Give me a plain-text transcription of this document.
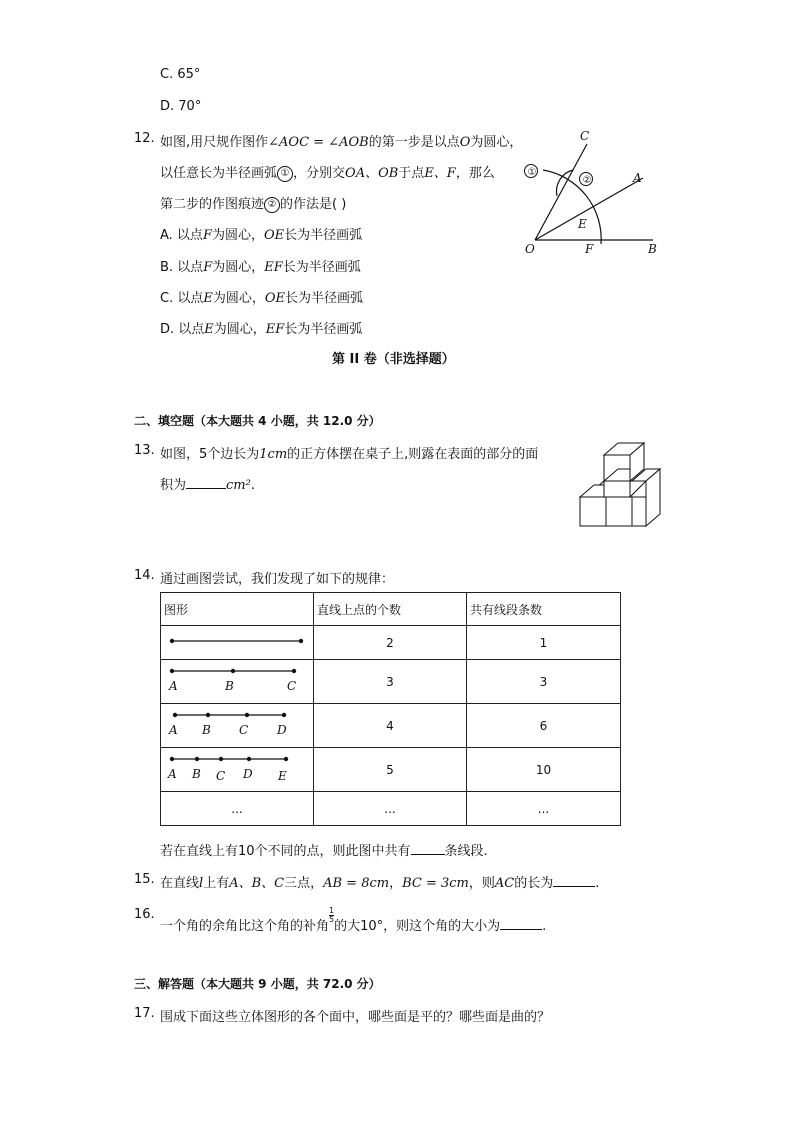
C. 65°
D. 70°
12. 如图,用尺规作图作∠AOC = ∠AOB的第一步是以点O为圆心，
以任意长为半径画弧 ① ，分别交OA、OB于点E、F，那么
第二步的作图痕迹 ② 的作法是( )
A. 以点F为圆心，OE长为半径画弧
B. 以点F为圆心，EF长为半径画弧
C. 以点E为圆心，OE长为半径画弧
D. 以点E为圆心，EF长为半径画弧
C
A
E
O	F	B
①
②
第 II 卷（非选择题）
二、填空题（本大题共 4 小题，共 12.0 分）
13. 如图，5个边长为1cm的正方体摆在桌子上,则露在表面的部分的面
积为	cm².
14. 通过画图尝试，我们发现了如下的规律：
图形	直线上点的个数	共有线段条数
	2	1

A B C	3	3

A B C D	4	6

A B C D E	5	10
...	...	...
若在直线上有10个不同的点，则此图中共有	条线段.
15. 在直线l上有A、B、C三点，AB = 8cm，BC = 3cm，则AC的长为	.
16.
一个角的余角比这个角的补角
$\frac{1}{5}$
的大10°，则这个角的大小为	.
三、解答题（本大题共 9 小题，共 72.0 分）
17. 围成下面这些立体图形的各个面中，哪些面是平的？哪些面是曲的？
